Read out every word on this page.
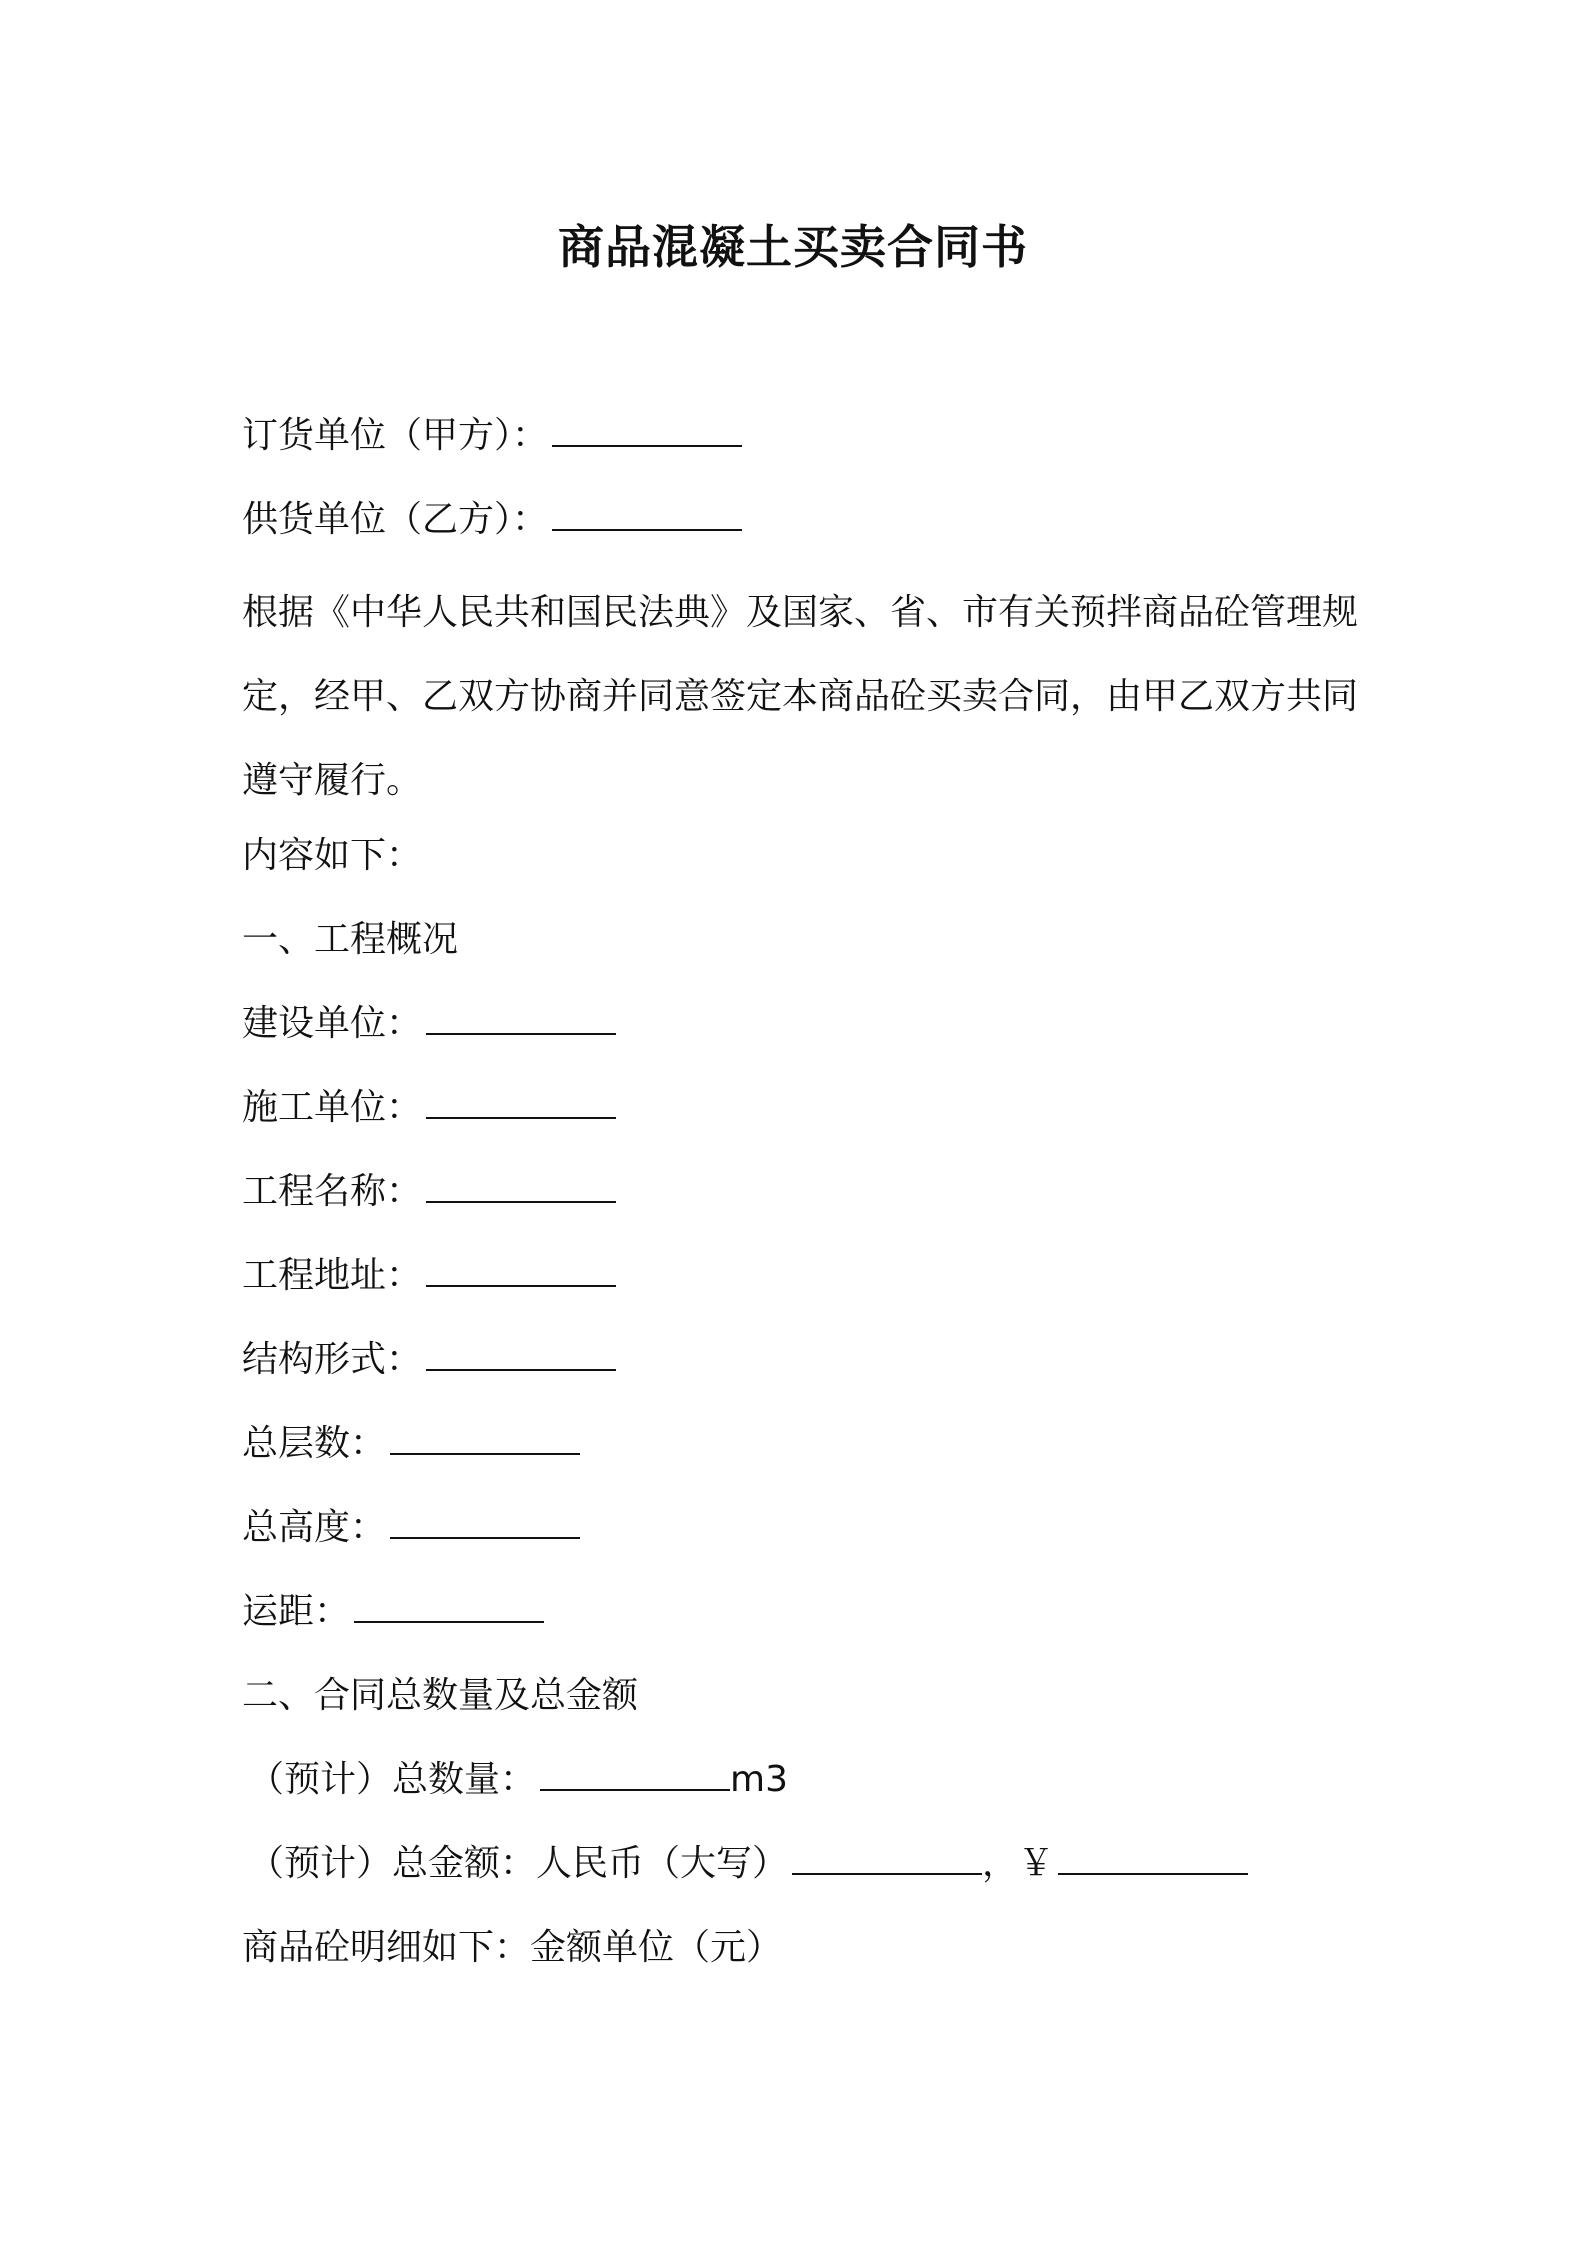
商品混凝土买卖合同书
订货单位（甲方）：
供货单位（乙方）：

根据《中华人民共和国民法典》及国家、省、市有关预拌商品砼管理规定，经甲、乙双方协商并同意签定本商品砼买卖合同，由甲乙双方共同遵守履行。

内容如下：
一、工程概况
建设单位：
施工单位：
工程名称：
工程地址：
结构形式：
总层数：
总高度：
运距：
二、合同总数量及总金额
（预计）总数量：	m3
（预计）总金额：人民币（大写）	，￥
商品砼明细如下：金额单位（元）
